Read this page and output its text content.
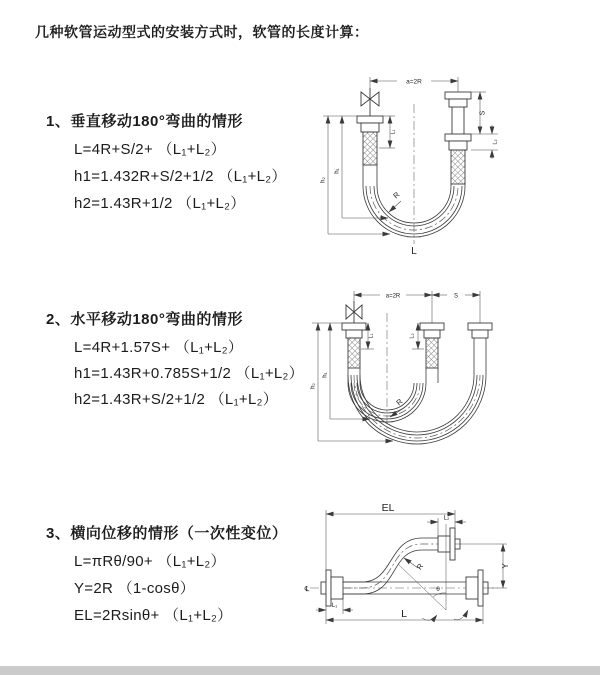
几种软管运动型式的安装方式时，软管的长度计算：
1、垂直移动180°弯曲的情形
L=4R+S/2+ （L₁+L₂）
h1=1.432R+S/2+1/2 （L₁+L₂）
h2=1.43R+1/2 （L₁+L₂）
2、水平移动180°弯曲的情形
L=4R+1.57S+ （L₁+L₂）
h1=1.43R+0.785S+1/2 （L₁+L₂）
h2=1.43R+S/2+1/2 （L₁+L₂）
3、横向位移的情形（一次性变位）
L=πRθ/90+ （L₁+L₂）
Y=2R （1-cosθ）
EL=2Rsinθ+ （L₁+L₂）
a=2R
S
L₂
h₂
h₁
L₁
R
L
a=2R	S
L₁	L₂
h₁
h₂
R
℄	θ
EL
L₂
Y
R
L
L₁
